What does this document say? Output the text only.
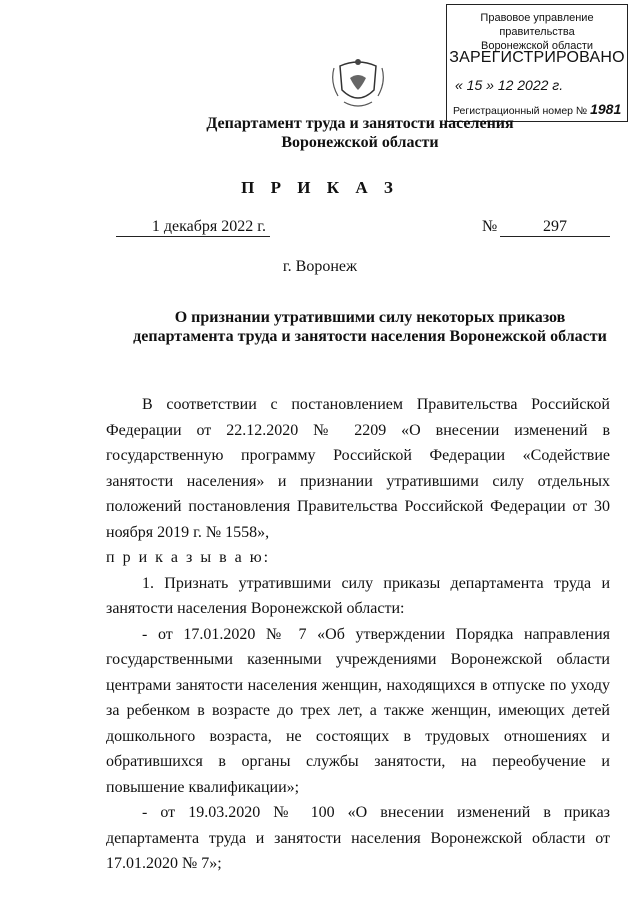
Правовое управление правительства
Воронежской области
ЗАРЕГИСТРИРОВАНО
« 15 » 12 2022 г.
Регистрационный номер № 1981
Департамент труда и занятости населения
Воронежской области
П Р И К А З
1 декабря 2022 г.	№	297
г. Воронеж
О признании утратившими силу некоторых приказов
департамента труда и занятости населения Воронежской области
В соответствии с постановлением Правительства Российской Федерации от 22.12.2020 № 2209 «О внесении изменений в государственную программу Российской Федерации «Содействие занятости населения» и признании утратившими силу отдельных положений постановления Правительства Российской Федерации от 30 ноября 2019 г. № 1558»,
п р и к а з ы в а ю:
1. Признать утратившими силу приказы департамента труда и занятости населения Воронежской области:
- от 17.01.2020 № 7 «Об утверждении Порядка направления государственными казенными учреждениями Воронежской области центрами занятости населения женщин, находящихся в отпуске по уходу за ребенком в возрасте до трех лет, а также женщин, имеющих детей дошкольного возраста, не состоящих в трудовых отношениях и обратившихся в органы службы занятости, на переобучение и повышение квалификации»;
- от 19.03.2020 № 100 «О внесении изменений в приказ департамента труда и занятости населения Воронежской области от 17.01.2020 № 7»;
